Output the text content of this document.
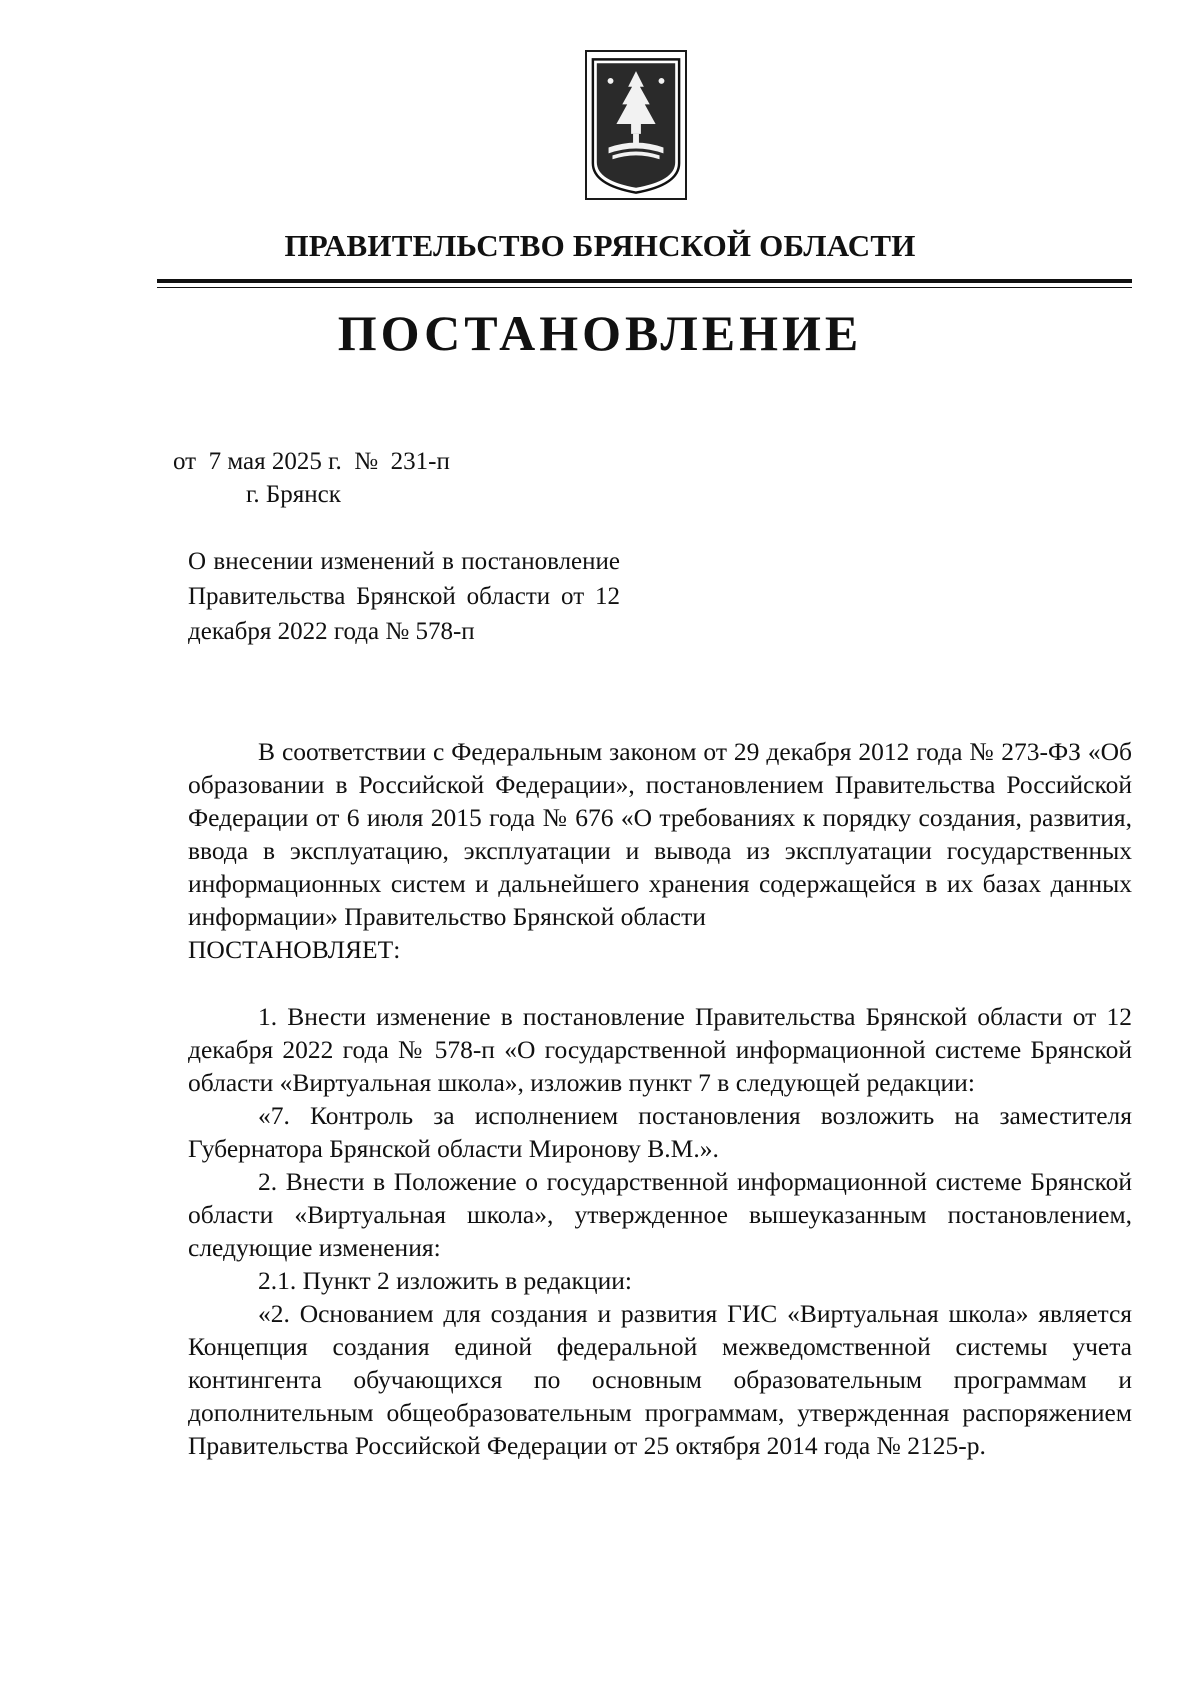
ПРАВИТЕЛЬСТВО БРЯНСКОЙ ОБЛАСТИ
ПОСТАНОВЛЕНИЕ
от  7 мая 2025 г.  №  231-п
г. Брянск
О внесении изменений в постановление Правительства Брянской области от 12 декабря 2022 года № 578-п

В соответствии с Федеральным законом от 29 декабря 2012 года № 273-ФЗ «Об образовании в Российской Федерации», постановлением Правительства Российской Федерации от 6 июля 2015 года № 676 «О требованиях к порядку создания, развития, ввода в эксплуатацию, эксплуатации и вывода из эксплуатации государственных информационных систем и дальнейшего хранения содержащейся в их базах данных информации» Правительство Брянской области

ПОСТАНОВЛЯЕТ:

1. Внести изменение в постановление Правительства Брянской области от 12 декабря 2022 года № 578-п «О государственной информационной системе Брянской области «Виртуальная школа», изложив пункт 7 в следующей редакции:

«7. Контроль за исполнением постановления возложить на заместителя Губернатора Брянской области Миронову В.М.».

2. Внести в Положение о государственной информационной системе Брянской области «Виртуальная школа», утвержденное вышеуказанным постановлением, следующие изменения:

2.1. Пункт 2 изложить в редакции:

«2. Основанием для создания и развития ГИС «Виртуальная школа» является Концепция создания единой федеральной межведомственной системы учета контингента обучающихся по основным образовательным программам и дополнительным общеобразовательным программам, утвержденная распоряжением Правительства Российской Федерации от 25 октября 2014 года № 2125-р.
